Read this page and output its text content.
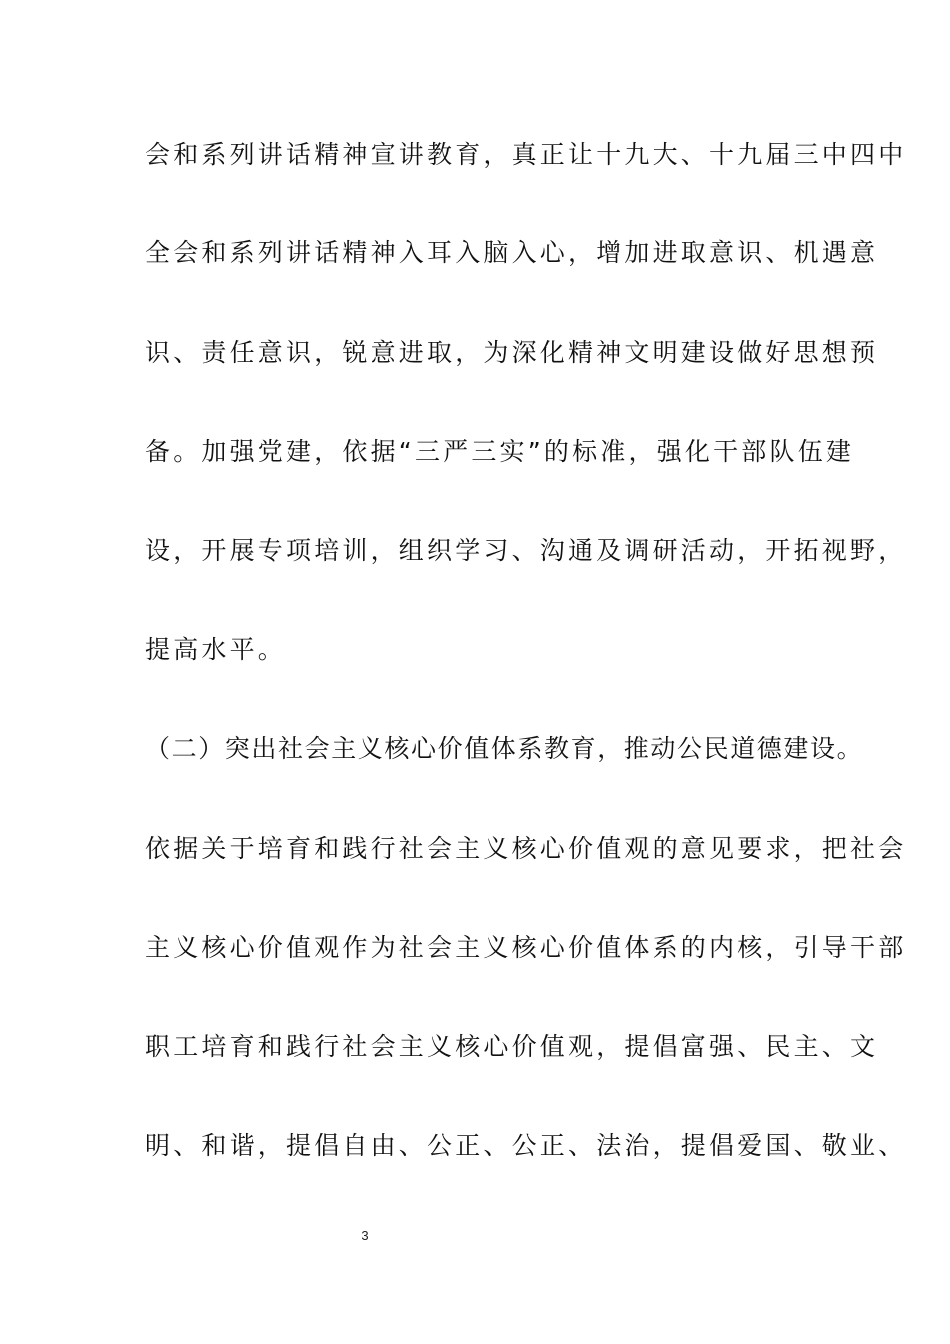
会和系列讲话精神宣讲教育，真正让十九大、十九届三中四中
全会和系列讲话精神入耳入脑入心，增加进取意识、机遇意
识、责任意识，锐意进取，为深化精神文明建设做好思想预
备。加强党建，依据“三严三实”的标准，强化干部队伍建
设，开展专项培训，组织学习、沟通及调研活动，开拓视野，
提高水平。
（二）突出社会主义核心价值体系教育，推动公民道德建设。
依据关于培育和践行社会主义核心价值观的意见要求，把社会
主义核心价值观作为社会主义核心价值体系的内核，引导干部
职工培育和践行社会主义核心价值观，提倡富强、民主、文
明、和谐，提倡自由、公正、公正、法治，提倡爱国、敬业、
3
